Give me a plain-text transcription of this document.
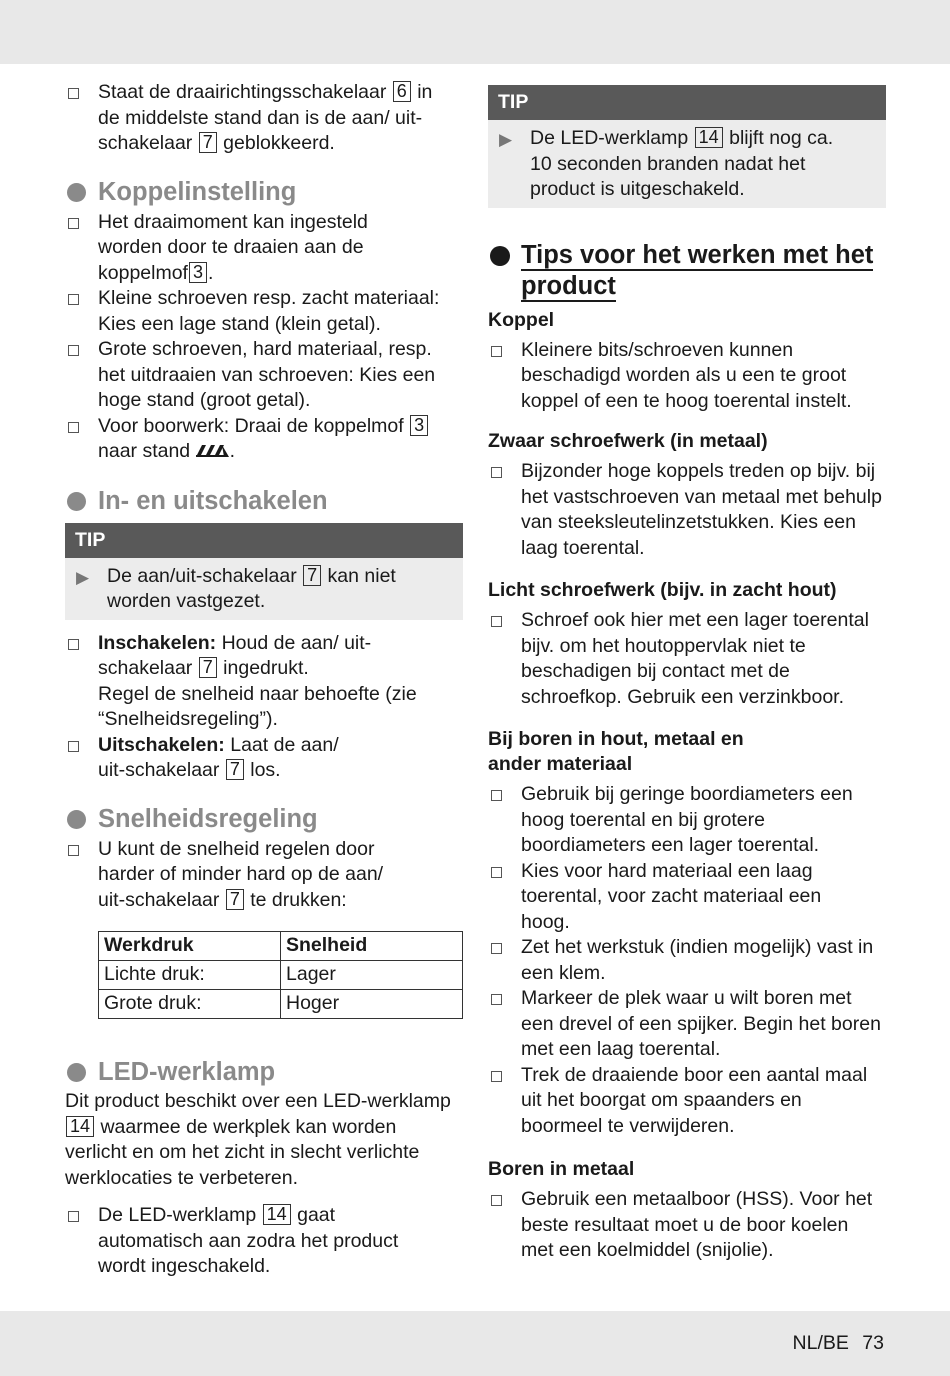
Staat de draairichtingsschakelaar 6 in de middelste stand dan is de aan/ uit-schakelaar 7 geblokkeerd.
Koppelinstelling
Het draaimoment kan ingesteld worden door te draaien aan de koppelmof 3 .
Kleine schroeven resp. zacht materiaal: Kies een lage stand (klein getal).
Grote schroeven, hard materiaal, resp. het uitdraaien van schroeven: Kies een hoge stand (groot getal).
Voor boorwerk: Draai de koppelmof 3
naar stand .
In- en uitschakelen
TIP
▶ De aan/uit-schakelaar 7 kan niet worden vastgezet.
Inschakelen: Houd de aan/ uit-schakelaar 7 ingedrukt.
Regel de snelheid naar behoefte (zie “Snelheidsregeling”).
Uitschakelen: Laat de aan/ uit-schakelaar 7 los.
Snelheidsregeling
U kunt de snelheid regelen door harder of minder hard op de aan/ uit-schakelaar 7 te drukken:
Werkdruk	Snelheid
Lichte druk:	Lager
Grote druk:	Hoger
LED-werklamp

Dit product beschikt over een LED-werklamp 14 waarmee de werkplek kan worden verlicht en om het zicht in slecht verlichte werklocaties te verbeteren.

De LED-werklamp 14 gaat automatisch aan zodra het product wordt ingeschakeld.
TIP
▶ De LED-werklamp 14 blijft nog ca. 10 seconden branden nadat het product is uitgeschakeld.
Tips voor het werken met het
product
Koppel
Kleinere bits/schroeven kunnen beschadigd worden als u een te groot koppel of een te hoog toerental instelt.
Zwaar schroefwerk (in metaal)
Bijzonder hoge koppels treden op bijv. bij het vastschroeven van metaal met behulp van steeksleutelinzetstukken. Kies een laag toerental.
Licht schroefwerk (bijv. in zacht hout)
Schroef ook hier met een lager toerental bijv. om het houtoppervlak niet te beschadigen bij contact met de schroefkop. Gebruik een verzinkboor.
Bij boren in hout, metaal en
ander materiaal
Gebruik bij geringe boordiameters een hoog toerental en bij grotere boordiameters een lager toerental.
Kies voor hard materiaal een laag toerental, voor zacht materiaal een hoog.
Zet het werkstuk (indien mogelijk) vast in een klem.
Markeer de plek waar u wilt boren met een drevel of een spijker. Begin het boren met een laag toerental.
Trek de draaiende boor een aantal maal uit het boorgat om spaanders en boormeel te verwijderen.
Boren in metaal
Gebruik een metaalboor (HSS). Voor het beste resultaat moet u de boor koelen met een koelmiddel (snijolie).
NL/BE 73
